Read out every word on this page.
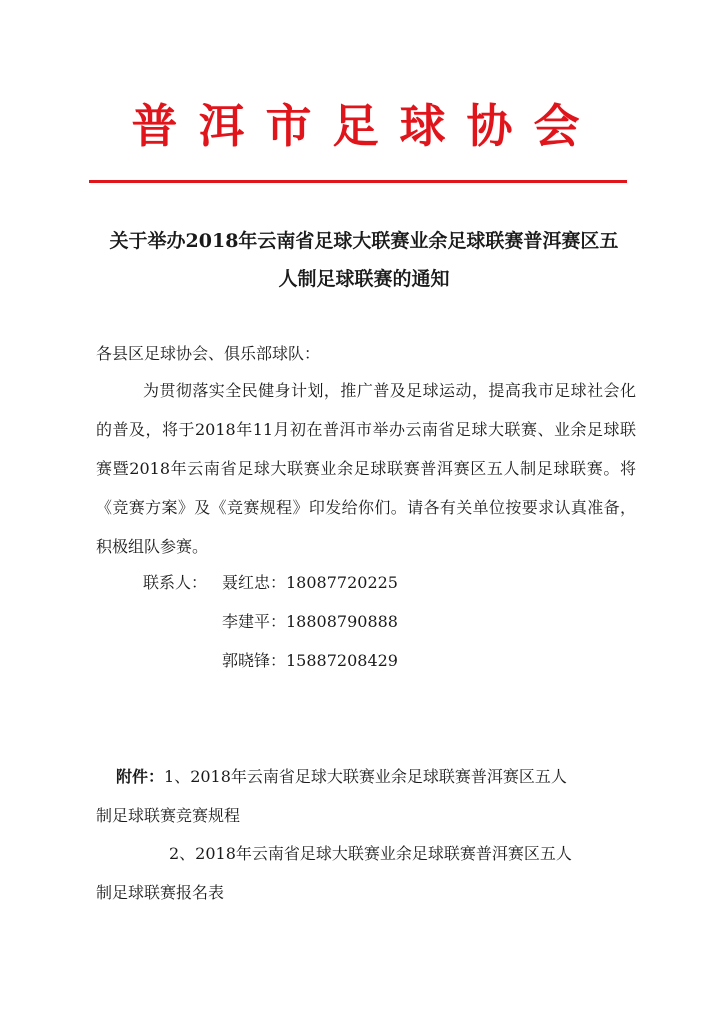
普洱市足球协会
关于举办2018年云南省足球大联赛业余足球联赛普洱赛区五人制足球联赛的通知
各县区足球协会、俱乐部球队：
为贯彻落实全民健身计划，推广普及足球运动，提高我市足球社会化的普及，将于2018年11月初在普洱市举办云南省足球大联赛、业余足球联赛暨2018年云南省足球大联赛业余足球联赛普洱赛区五人制足球联赛。将《竞赛方案》及《竞赛规程》印发给你们。请各有关单位按要求认真准备，积极组队参赛。
联系人： 聂红忠：18087720225
李建平：18808790888
郭晓锋：15887208429
附件：1、2018年云南省足球大联赛业余足球联赛普洱赛区五人
制足球联赛竞赛规程
2、2018年云南省足球大联赛业余足球联赛普洱赛区五人
制足球联赛报名表
